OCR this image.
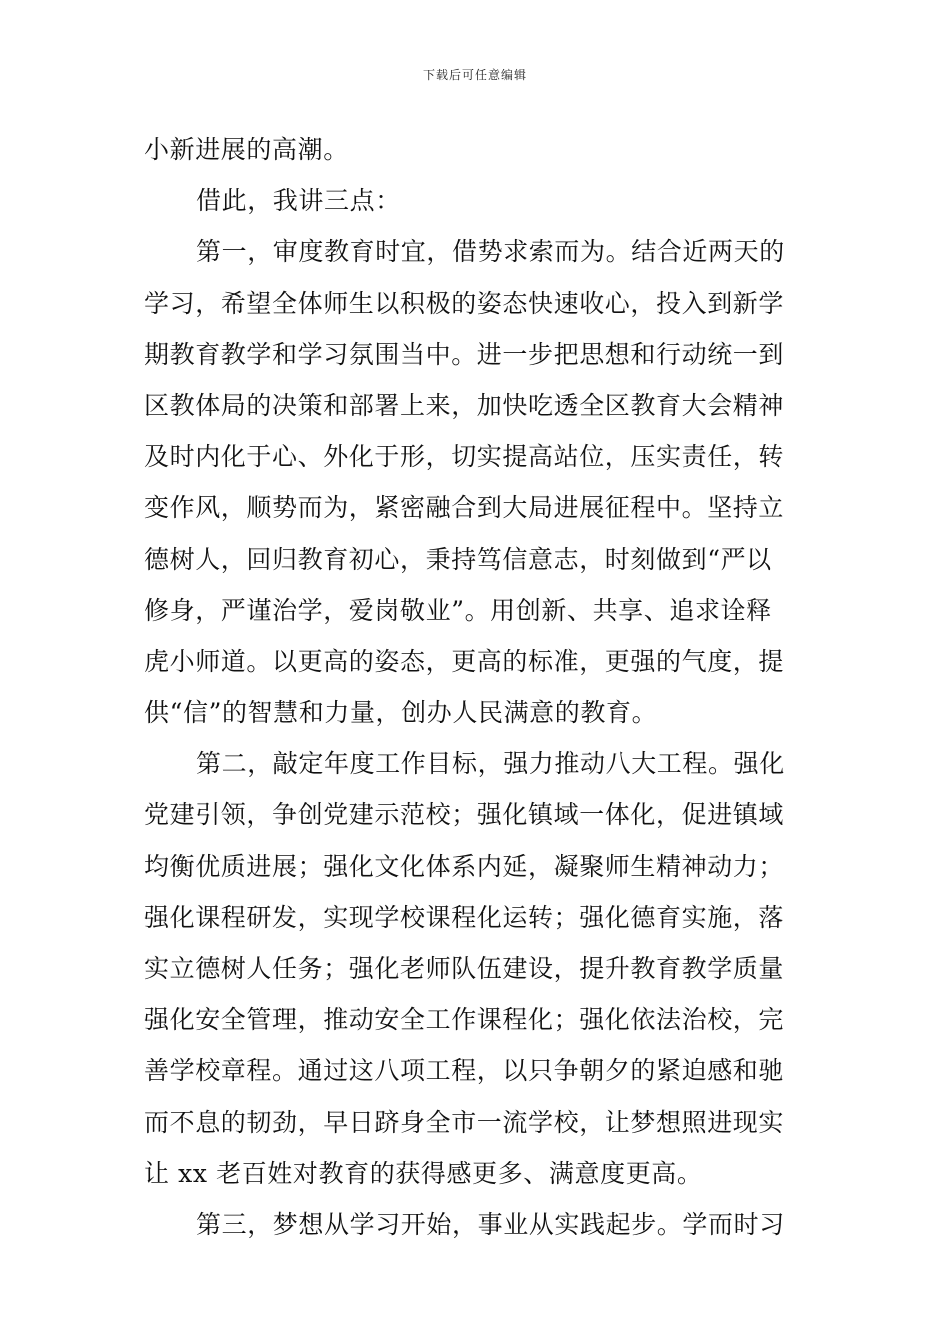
下载后可任意编辑
小新进展的高潮。
借此，我讲三点：
第一，审度教育时宜，借势求索而为。结合近两天的
学习，希望全体师生以积极的姿态快速收心，投入到新学
期教育教学和学习氛围当中。进一步把思想和行动统一到
区教体局的决策和部署上来，加快吃透全区教育大会精神
及时内化于心、外化于形，切实提高站位，压实责任，转
变作风，顺势而为，紧密融合到大局进展征程中。坚持立
德树人，回归教育初心，秉持笃信意志，时刻做到“严以
修身，严谨治学，爱岗敬业”。用创新、共享、追求诠释
虎小师道。以更高的姿态，更高的标准，更强的气度，提
供“信”的智慧和力量，创办人民满意的教育。
第二，敲定年度工作目标，强力推动八大工程。强化
党建引领，争创党建示范校；强化镇域一体化，促进镇域
均衡优质进展；强化文化体系内延，凝聚师生精神动力；
强化课程研发，实现学校课程化运转；强化德育实施，落
实立德树人任务；强化老师队伍建设，提升教育教学质量
强化安全管理，推动安全工作课程化；强化依法治校，完
善学校章程。通过这八项工程，以只争朝夕的紧迫感和驰
而不息的韧劲，早日跻身全市一流学校，让梦想照进现实
让 xx 老百姓对教育的获得感更多、满意度更高。
第三，梦想从学习开始，事业从实践起步。学而时习
